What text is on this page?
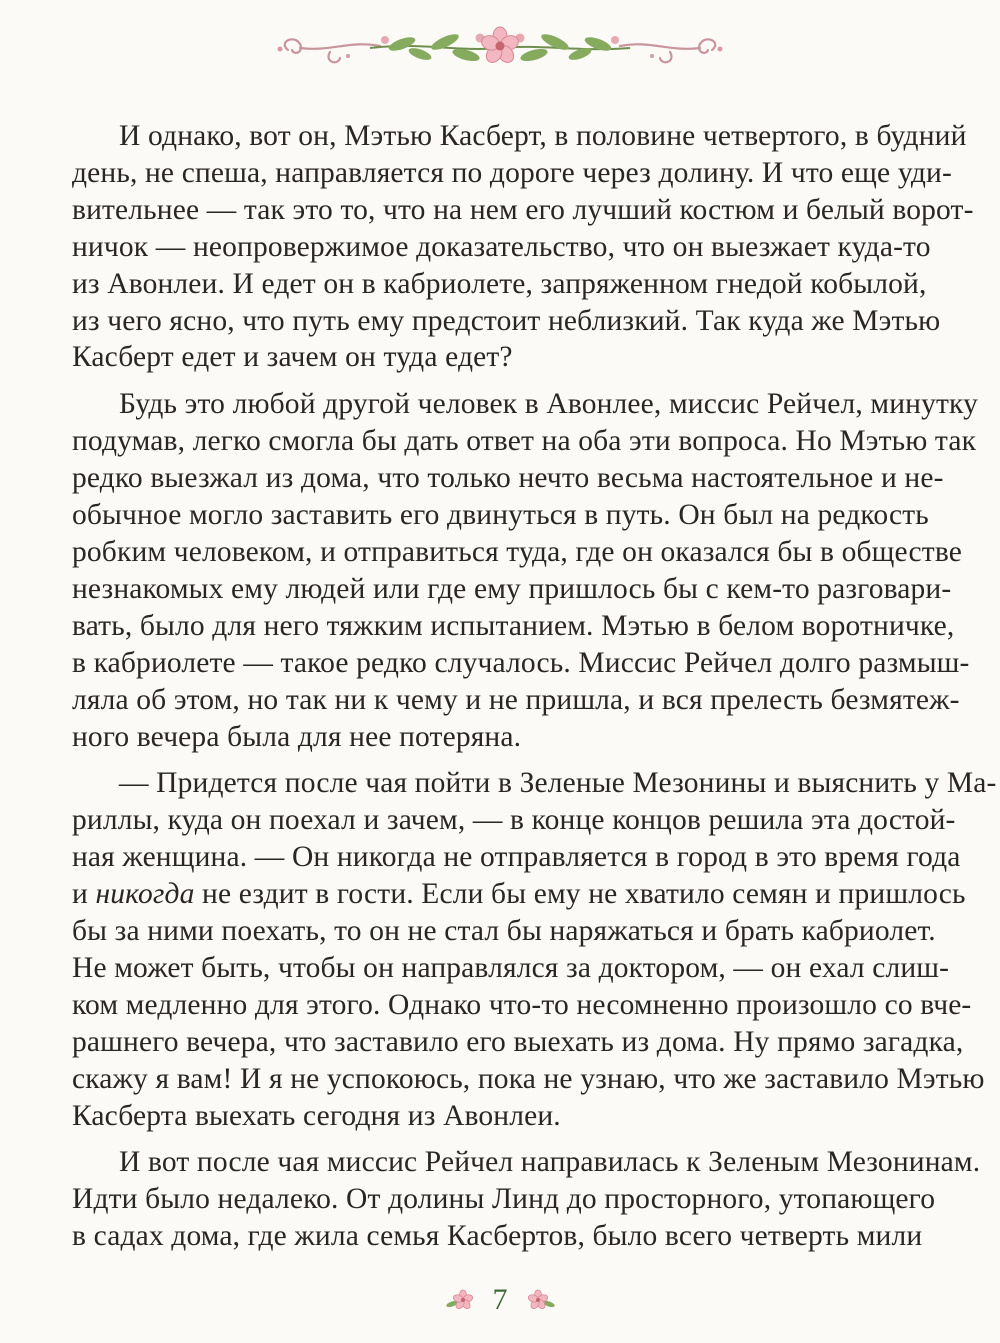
И однако, вот он, Мэтью Касберт, в половине четвертого, в будний
день, не спеша, направляется по дороге через долину. И что еще уди-
вительнее — так это то, что на нем его лучший костюм и белый ворот-
ничок — неопровержимое доказательство, что он выезжает куда-то
из Авонлеи. И едет он в кабриолете, запряженном гнедой кобылой,
из чего ясно, что путь ему предстоит неблизкий. Так куда же Мэтью
Касберт едет и зачем он туда едет?
Будь это любой другой человек в Авонлее, миссис Рейчел, минутку
подумав, легко смогла бы дать ответ на оба эти вопроса. Но Мэтью так
редко выезжал из дома, что только нечто весьма настоятельное и не-
обычное могло заставить его двинуться в путь. Он был на редкость
робким человеком, и отправиться туда, где он оказался бы в обществе
незнакомых ему людей или где ему пришлось бы с кем-то разговари-
вать, было для него тяжким испытанием. Мэтью в белом воротничке,
в кабриолете — такое редко случалось. Миссис Рейчел долго размыш-
ляла об этом, но так ни к чему и не пришла, и вся прелесть безмятеж-
ного вечера была для нее потеряна.
— Придется после чая пойти в Зеленые Мезонины и выяснить у Ма-
риллы, куда он поехал и зачем, — в конце концов решила эта достой-
ная женщина. — Он никогда не отправляется в город в это время года
и никогда не ездит в гости. Если бы ему не хватило семян и пришлось
бы за ними поехать, то он не стал бы наряжаться и брать кабриолет.
Не может быть, чтобы он направлялся за доктором, — он ехал слиш-
ком медленно для этого. Однако что-то несомненно произошло со вче-
рашнего вечера, что заставило его выехать из дома. Ну прямо загадка,
скажу я вам! И я не успокоюсь, пока не узнаю, что же заставило Мэтью
Касберта выехать сегодня из Авонлеи.
И вот после чая миссис Рейчел направилась к Зеленым Мезонинам.
Идти было недалеко. От долины Линд до просторного, утопающего
в садах дома, где жила семья Касбертов, было всего четверть мили
7
